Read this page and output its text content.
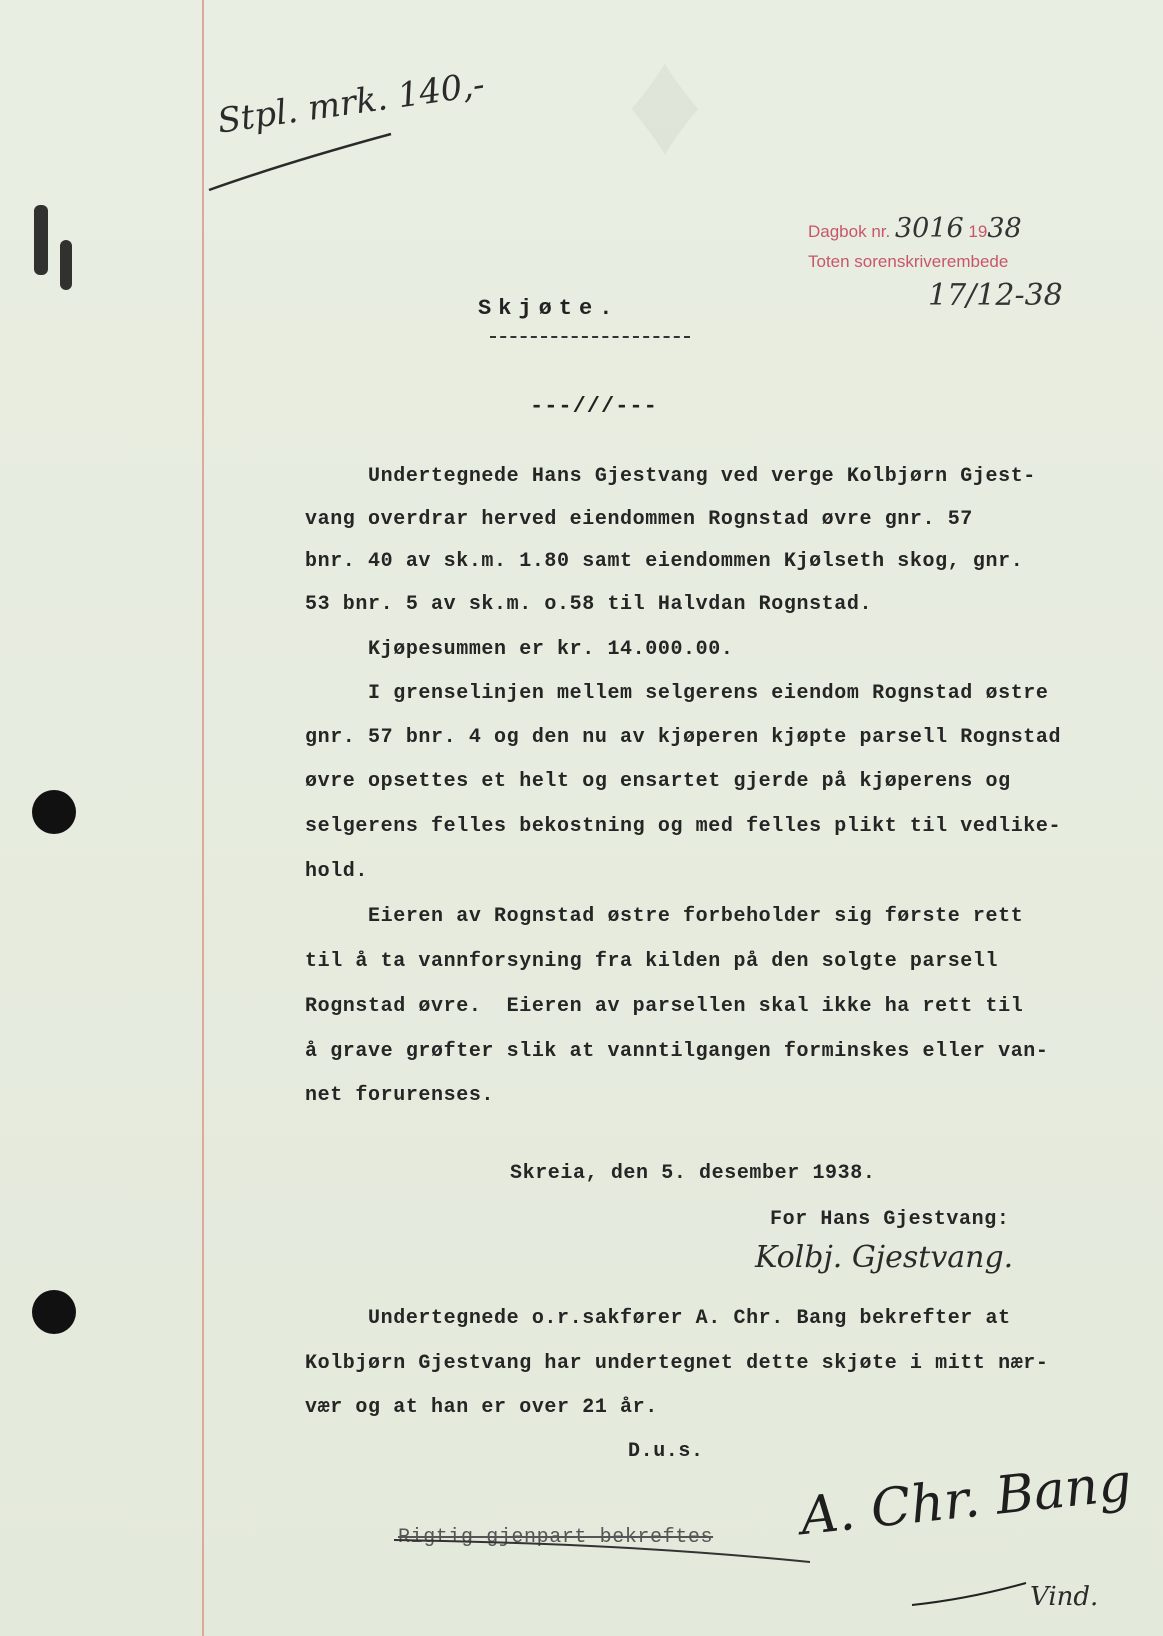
♦
Stpl. mrk. 140,-
Dagbok nr. 3016 1938
Toten sorenskriverembede
17/12-38
Skjøte.
---///---
Undertegnede Hans Gjestvang ved verge Kolbjørn Gjest-
vang overdrar herved eiendommen Rognstad øvre gnr. 57
bnr. 40 av sk.m. 1.80 samt eiendommen Kjølseth skog, gnr.
53 bnr. 5 av sk.m. o.58 til Halvdan Rognstad.
Kjøpesummen er kr. 14.000.00.
I grenselinjen mellem selgerens eiendom Rognstad østre
gnr. 57 bnr. 4 og den nu av kjøperen kjøpte parsell Rognstad
øvre opsettes et helt og ensartet gjerde på kjøperens og
selgerens felles bekostning og med felles plikt til vedlike-
hold.
Eieren av Rognstad østre forbeholder sig første rett
til å ta vannforsyning fra kilden på den solgte parsell
Rognstad øvre.  Eieren av parsellen skal ikke ha rett til
å grave grøfter slik at vanntilgangen forminskes eller van-
net forurenses.
Skreia, den 5. desember 1938.
For Hans Gjestvang:
Kolbj. Gjestvang.
Undertegnede o.r.sakfører A. Chr. Bang bekrefter at
Kolbjørn Gjestvang har undertegnet dette skjøte i mitt nær-
vær og at han er over 21 år.
D.u.s.
Rigtig gjenpart bekreftes A. Chr. Bang
Vind.
